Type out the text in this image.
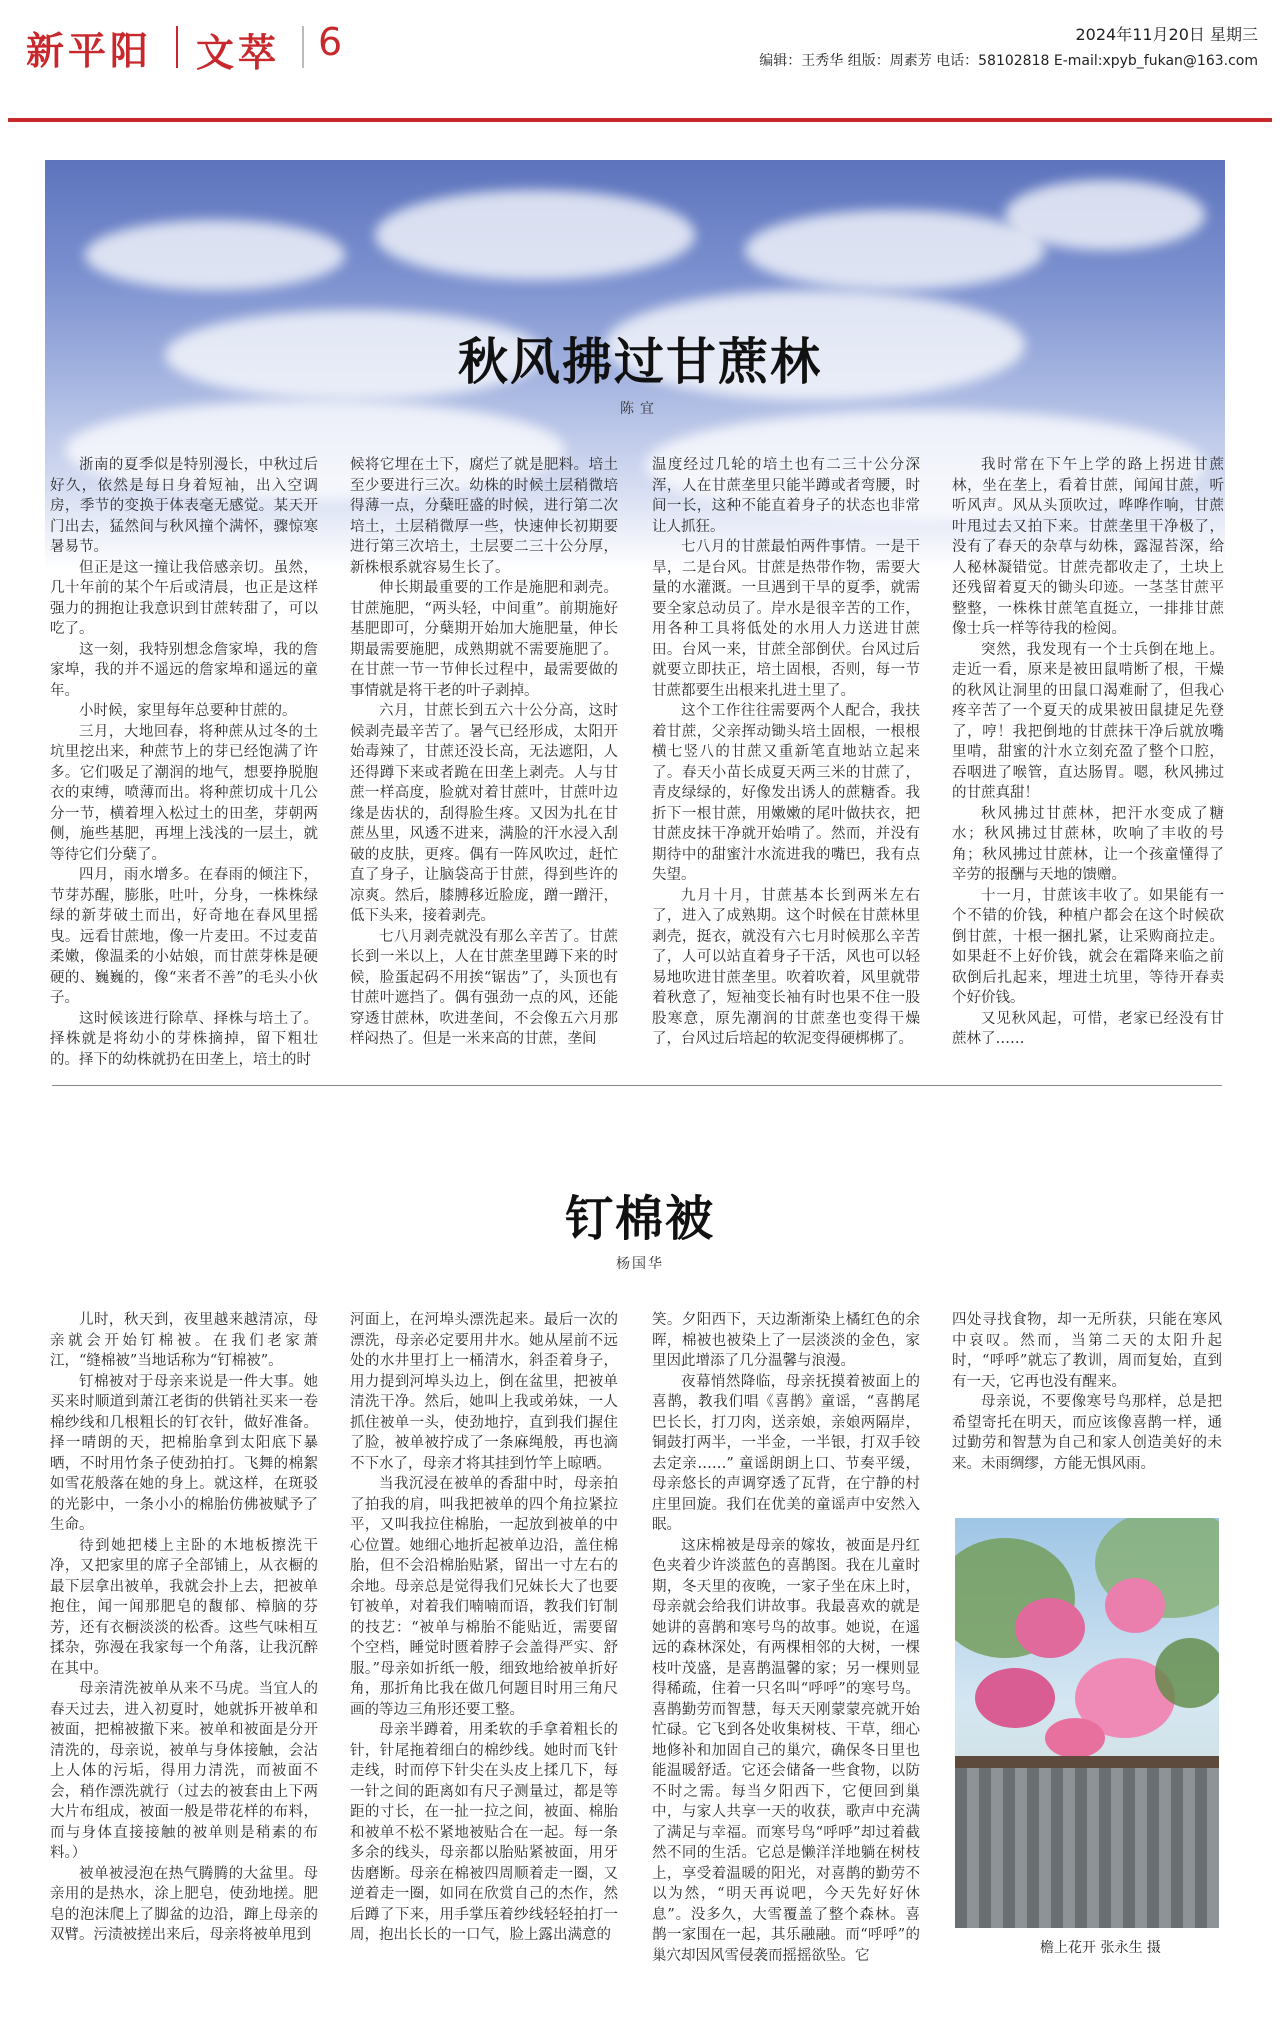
新平阳 文萃 6	2024年11月20日 星期三
编辑：王秀华 组版：周素芳 电话：58102818 E-mail:xpyb_fukan@163.com
秋风拂过甘蔗林
陈宜

浙南的夏季似是特别漫长，中秋过后好久，依然是每日身着短袖，出入空调房，季节的变换于体表毫无感觉。某天开门出去，猛然间与秋风撞个满怀，骤惊寒暑易节。

但正是这一撞让我倍感亲切。虽然，几十年前的某个午后或清晨，也正是这样强力的拥抱让我意识到甘蔗转甜了，可以吃了。

这一刻，我特别想念詹家埠，我的詹家埠，我的并不遥远的詹家埠和遥远的童年。

小时候，家里每年总要种甘蔗的。

三月，大地回春，将种蔗从过冬的土坑里挖出来，种蔗节上的芽已经饱满了许多。它们吸足了潮润的地气，想要挣脱胞衣的束缚，喷薄而出。将种蔗切成十几公分一节，横着埋入松过土的田垄，芽朝两侧，施些基肥，再埋上浅浅的一层土，就等待它们分蘖了。

四月，雨水增多。在春雨的倾注下，节芽苏醒，膨胀，吐叶，分身，一株株绿绿的新芽破土而出，好奇地在春风里摇曳。远看甘蔗地，像一片麦田。不过麦苗柔嫩，像温柔的小姑娘，而甘蔗芽株是硬硬的、巍巍的，像“来者不善”的毛头小伙子。

这时候该进行除草、择株与培土了。择株就是将幼小的芽株摘掉，留下粗壮的。择下的幼株就扔在田垄上，培土的时

候将它埋在土下，腐烂了就是肥料。培土至少要进行三次。幼株的时候土层稍微培得薄一点，分蘖旺盛的时候，进行第二次培土，土层稍微厚一些，快速伸长初期要进行第三次培土，土层要二三十公分厚，新株根系就容易生长了。

伸长期最重要的工作是施肥和剥壳。甘蔗施肥，“两头轻，中间重”。前期施好基肥即可，分蘖期开始加大施肥量，伸长期最需要施肥，成熟期就不需要施肥了。在甘蔗一节一节伸长过程中，最需要做的事情就是将干老的叶子剥掉。

六月，甘蔗长到五六十公分高，这时候剥壳最辛苦了。暑气已经形成，太阳开始毒辣了，甘蔗还没长高，无法遮阳，人还得蹲下来或者跪在田垄上剥壳。人与甘蔗一样高度，脸就对着甘蔗叶，甘蔗叶边缘是齿状的，刮得脸生疼。又因为扎在甘蔗丛里，风透不进来，满脸的汗水浸入刮破的皮肤，更疼。偶有一阵风吹过，赶忙直了身子，让脑袋高于甘蔗，得到些许的凉爽。然后，膝膊移近脸庞，蹭一蹭汗，低下头来，接着剥壳。

七八月剥壳就没有那么辛苦了。甘蔗长到一米以上，人在甘蔗垄里蹲下来的时候，脸蛋起码不用挨“锯齿”了，头顶也有甘蔗叶遮挡了。偶有强劲一点的风，还能穿透甘蔗林，吹进垄间，不会像五六月那样闷热了。但是一米来高的甘蔗，垄间

温度经过几轮的培土也有二三十公分深浑，人在甘蔗垄里只能半蹲或者弯腰，时间一长，这种不能直着身子的状态也非常让人抓狂。

七八月的甘蔗最怕两件事情。一是干旱，二是台风。甘蔗是热带作物，需要大量的水灌溉。一旦遇到干旱的夏季，就需要全家总动员了。岸水是很辛苦的工作，用各种工具将低处的水用人力送进甘蔗田。台风一来，甘蔗全部倒伏。台风过后就要立即扶正，培土固根，否则，每一节甘蔗都要生出根来扎进土里了。

这个工作往往需要两个人配合，我扶着甘蔗，父亲挥动锄头培土固根，一根根横七竖八的甘蔗又重新笔直地站立起来了。春天小苗长成夏天两三米的甘蔗了，青皮绿绿的，好像发出诱人的蔗糖香。我折下一根甘蔗，用嫩嫩的尾叶做扶衣，把甘蔗皮抹干净就开始啃了。然而，并没有期待中的甜蜜汁水流进我的嘴巴，我有点失望。

九月十月，甘蔗基本长到两米左右了，进入了成熟期。这个时候在甘蔗林里剥壳，挺衣，就没有六七月时候那么辛苦了，人可以站直着身子干活，风也可以轻易地吹进甘蔗垄里。吹着吹着，风里就带着秋意了，短袖变长袖有时也果不住一股股寒意，原先潮润的甘蔗垄也变得干燥了，台风过后培起的软泥变得硬梆梆了。

我时常在下午上学的路上拐进甘蔗林，坐在垄上，看着甘蔗，闻闻甘蔗，听听风声。风从头顶吹过，哗哗作响，甘蔗叶甩过去又拍下来。甘蔗垄里干净极了，没有了春天的杂草与幼株，露湿苔深，给人秘林凝错觉。甘蔗壳都收走了，土块上还残留着夏天的锄头印迹。一茎茎甘蔗平整整，一株株甘蔗笔直挺立，一排排甘蔗像士兵一样等待我的检阅。

突然，我发现有一个士兵倒在地上。走近一看，原来是被田鼠啃断了根，干燥的秋风让洞里的田鼠口渴难耐了，但我心疼辛苦了一个夏天的成果被田鼠捷足先登了，哼！我把倒地的甘蔗抹干净后就放嘴里啃，甜蜜的汁水立刻充盈了整个口腔，吞咽进了喉管，直达肠胃。嗯，秋风拂过的甘蔗真甜！

秋风拂过甘蔗林，把汗水变成了糖水；秋风拂过甘蔗林，吹响了丰收的号角；秋风拂过甘蔗林，让一个孩童懂得了辛劳的报酬与天地的馈赠。

十一月，甘蔗该丰收了。如果能有一个不错的价钱，种植户都会在这个时候砍倒甘蔗，十根一捆扎紧，让采购商拉走。如果赶不上好价钱，就会在霜降来临之前砍倒后扎起来，埋进土坑里，等待开春卖个好价钱。

又见秋风起，可惜，老家已经没有甘蔗林了……

钉棉被
杨国华

儿时，秋天到，夜里越来越清凉，母亲就会开始钉棉被。在我们老家萧江，“缝棉被”当地话称为“钉棉被”。

钉棉被对于母亲来说是一件大事。她买来时顺道到萧江老街的供销社买来一卷棉纱线和几根粗长的钉衣针，做好准备。择一晴朗的天，把棉胎拿到太阳底下暴晒，不时用竹条子使劲拍打。飞舞的棉絮如雪花般落在她的身上。就这样，在斑驳的光影中，一条小小的棉胎仿佛被赋予了生命。

待到她把楼上主卧的木地板擦洗干净，又把家里的席子全部铺上，从衣橱的最下层拿出被单，我就会扑上去，把被单抱住，闻一闻那肥皂的馥郁、樟脑的芬芳，还有衣橱淡淡的松香。这些气味相互揉杂，弥漫在我家每一个角落，让我沉醉在其中。

母亲清洗被单从来不马虎。当宜人的春天过去，进入初夏时，她就拆开被单和被面，把棉被撤下来。被单和被面是分开清洗的，母亲说，被单与身体接触，会沾上人体的污垢，得用力清洗，而被面不会，稍作漂洗就行（过去的被套由上下两大片布组成，被面一般是带花样的布料，而与身体直接接触的被单则是稍素的布料。）

被单被浸泡在热气腾腾的大盆里。母亲用的是热水，涂上肥皂，使劲地搓。肥皂的泡沫爬上了脚盆的边沿，蹿上母亲的双臂。污渍被搓出来后，母亲将被单甩到

河面上，在河埠头漂洗起来。最后一次的漂洗，母亲必定要用井水。她从屋前不远处的水井里打上一桶清水，斜歪着身子，用力提到河埠头边上，倒在盆里，把被单清洗干净。然后，她叫上我或弟妹，一人抓住被单一头，使劲地拧，直到我们握住了脸，被单被拧成了一条麻绳般，再也滴不下水了，母亲才将其挂到竹竿上晾晒。

当我沉浸在被单的香甜中时，母亲拍了拍我的肩，叫我把被单的四个角拉紧拉平，又叫我拉住棉胎，一起放到被单的中心位置。她细心地折起被单边沿，盖住棉胎，但不会沿棉胎贴紧，留出一寸左右的余地。母亲总是觉得我们兄妹长大了也要钉被单，对着我们喃喃而语，教我们钉制的技艺：“被单与棉胎不能贴近，需要留个空档，睡觉时匮着脖子会盖得严实、舒服。”母亲如折纸一般，细致地给被单折好角，那折角比我在做几何题目时用三角尺画的等边三角形还要工整。

母亲半蹲着，用柔软的手拿着粗长的针，针尾拖着细白的棉纱线。她时而飞针走线，时而停下针尖在头皮上揉几下，每一针之间的距离如有尺子测量过，都是等距的寸长，在一扯一拉之间，被面、棉胎和被单不松不紧地被贴合在一起。每一条多余的线头，母亲都以胎贴紧被面，用牙齿磨断。母亲在棉被四周顺着走一圈，又逆着走一圈，如同在欣赏自己的杰作，然后蹲了下来，用手掌压着纱线轻轻拍打一周，抱出长长的一口气，脸上露出满意的

笑。夕阳西下，天边渐渐染上橘红色的余晖，棉被也被染上了一层淡淡的金色，家里因此增添了几分温馨与浪漫。

夜幕悄然降临，母亲抚摸着被面上的喜鹊，教我们唱《喜鹊》童谣，“喜鹊尾巴长长，打刀肉，送亲娘，亲娘两隔岸，铜鼓打两半，一半金，一半银，打双手铰去定亲……” 童谣朗朗上口、节奏平缓，母亲悠长的声调穿透了瓦背，在宁静的村庄里回旋。我们在优美的童谣声中安然入眠。

这床棉被是母亲的嫁妆，被面是丹红色夹着少许淡蓝色的喜鹊图。我在儿童时期，冬天里的夜晚，一家子坐在床上时，母亲就会给我们讲故事。我最喜欢的就是她讲的喜鹊和寒号鸟的故事。她说，在遥远的森林深处，有两棵相邻的大树，一棵枝叶茂盛，是喜鹊温馨的家；另一棵则显得稀疏，住着一只名叫“呼呼”的寒号鸟。喜鹊勤劳而智慧，每天天刚蒙蒙亮就开始忙碌。它飞到各处收集树枝、干草，细心地修补和加固自己的巢穴，确保冬日里也能温暖舒适。它还会储备一些食物，以防不时之需。每当夕阳西下，它便回到巢中，与家人共享一天的收获，歌声中充满了满足与幸福。而寒号鸟“呼呼”却过着截然不同的生活。它总是懒洋洋地躺在树枝上，享受着温暖的阳光，对喜鹊的勤劳不以为然，“明天再说吧，今天先好好休息”。没多久，大雪覆盖了整个森林。喜鹊一家围在一起，其乐融融。而“呼呼”的巢穴却因风雪侵袭而摇摇欲坠。它

四处寻找食物，却一无所获，只能在寒风中哀叹。然而，当第二天的太阳升起时，“呼呼”就忘了教训，周而复始，直到有一天，它再也没有醒来。

母亲说，不要像寒号鸟那样，总是把希望寄托在明天，而应该像喜鹊一样，通过勤劳和智慧为自己和家人创造美好的未来。未雨绸缪，方能无惧风雨。

檐上花开 张永生 摄
